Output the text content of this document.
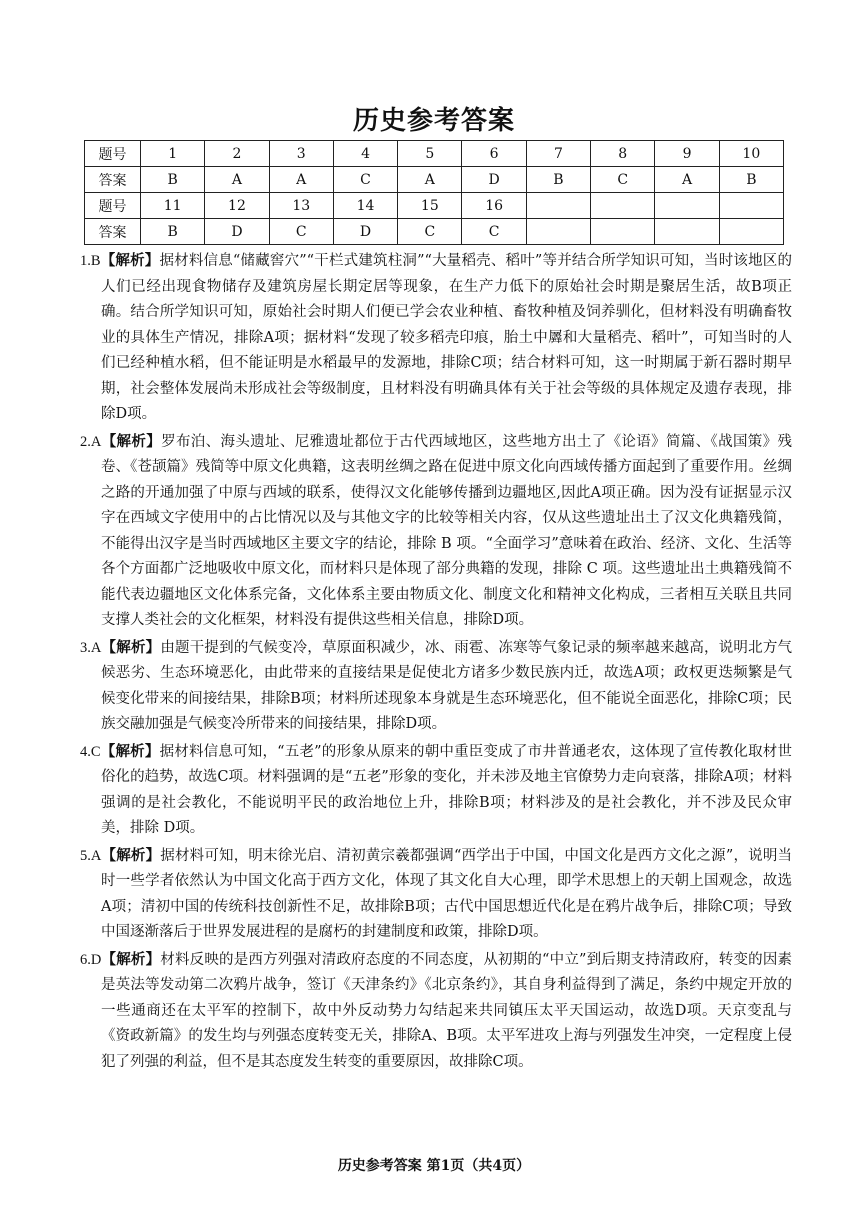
历史参考答案
题号	1	2	3	4	5	6	7	8	9	10
答案	B	A	A	C	A	D	B	C	A	B
题号	11	12	13	14	15	16				
答案	B	D	C	D	C	C				

1.B【解析】据材料信息“储藏窖穴”“干栏式建筑柱洞”“大量稻壳、稻叶”等并结合所学知识可知，当时该地区的人们已经出现食物储存及建筑房屋长期定居等现象，在生产力低下的原始社会时期是聚居生活，故B项正确。结合所学知识可知，原始社会时期人们便已学会农业种植、畜牧种植及饲养驯化，但材料没有明确畜牧业的具体生产情况，排除A项；据材料“发现了较多稻壳印痕，胎土中羼和大量稻壳、稻叶”，可知当时的人们已经种植水稻，但不能证明是水稻最早的发源地，排除C项；结合材料可知，这一时期属于新石器时期早期，社会整体发展尚未形成社会等级制度，且材料没有明确具体有关于社会等级的具体规定及遗存表现，排除D项。

2.A【解析】罗布泊、海头遗址、尼雅遗址都位于古代西域地区，这些地方出土了《论语》简篇、《战国策》残卷、《苍颉篇》残简等中原文化典籍，这表明丝绸之路在促进中原文化向西域传播方面起到了重要作用。丝绸之路的开通加强了中原与西域的联系，使得汉文化能够传播到边疆地区,因此A项正确。因为没有证据显示汉字在西域文字使用中的占比情况以及与其他文字的比较等相关内容，仅从这些遗址出土了汉文化典籍残简，不能得出汉字是当时西域地区主要文字的结论，排除 B 项。“全面学习”意味着在政治、经济、文化、生活等各个方面都广泛地吸收中原文化，而材料只是体现了部分典籍的发现，排除 C 项。这些遗址出土典籍残简不能代表边疆地区文化体系完备，文化体系主要由物质文化、制度文化和精神文化构成，三者相互关联且共同支撑人类社会的文化框架，材料没有提供这些相关信息，排除D项。

3.A【解析】由题干提到的气候变冷，草原面积减少，冰、雨雹、冻寒等气象记录的频率越来越高，说明北方气候恶劣、生态环境恶化，由此带来的直接结果是促使北方诸多少数民族内迁，故选A项；政权更迭频繁是气候变化带来的间接结果，排除B项；材料所述现象本身就是生态环境恶化，但不能说全面恶化，排除C项；民族交融加强是气候变冷所带来的间接结果，排除D项。

4.C【解析】据材料信息可知，“五老”的形象从原来的朝中重臣变成了市井普通老农，这体现了宣传教化取材世俗化的趋势，故选C项。材料强调的是“五老”形象的变化，并未涉及地主官僚势力走向衰落，排除A项；材料强调的是社会教化，不能说明平民的政治地位上升，排除B项；材料涉及的是社会教化，并不涉及民众审美，排除 D项。

5.A【解析】据材料可知，明末徐光启、清初黄宗羲都强调“西学出于中国，中国文化是西方文化之源”，说明当时一些学者依然认为中国文化高于西方文化，体现了其文化自大心理，即学术思想上的天朝上国观念，故选A项；清初中国的传统科技创新性不足，故排除B项；古代中国思想近代化是在鸦片战争后，排除C项；导致中国逐渐落后于世界发展进程的是腐朽的封建制度和政策，排除D项。

6.D【解析】材料反映的是西方列强对清政府态度的不同态度，从初期的“中立”到后期支持清政府，转变的因素是英法等发动第二次鸦片战争，签订《天津条约》《北京条约》，其自身利益得到了满足，条约中规定开放的一些通商还在太平军的控制下，故中外反动势力勾结起来共同镇压太平天国运动，故选D项。天京变乱与《资政新篇》的发生均与列强态度转变无关，排除A、B项。太平军进攻上海与列强发生冲突，一定程度上侵犯了列强的利益，但不是其态度发生转变的重要原因，故排除C项。

历史参考答案 第1页（共4页）
